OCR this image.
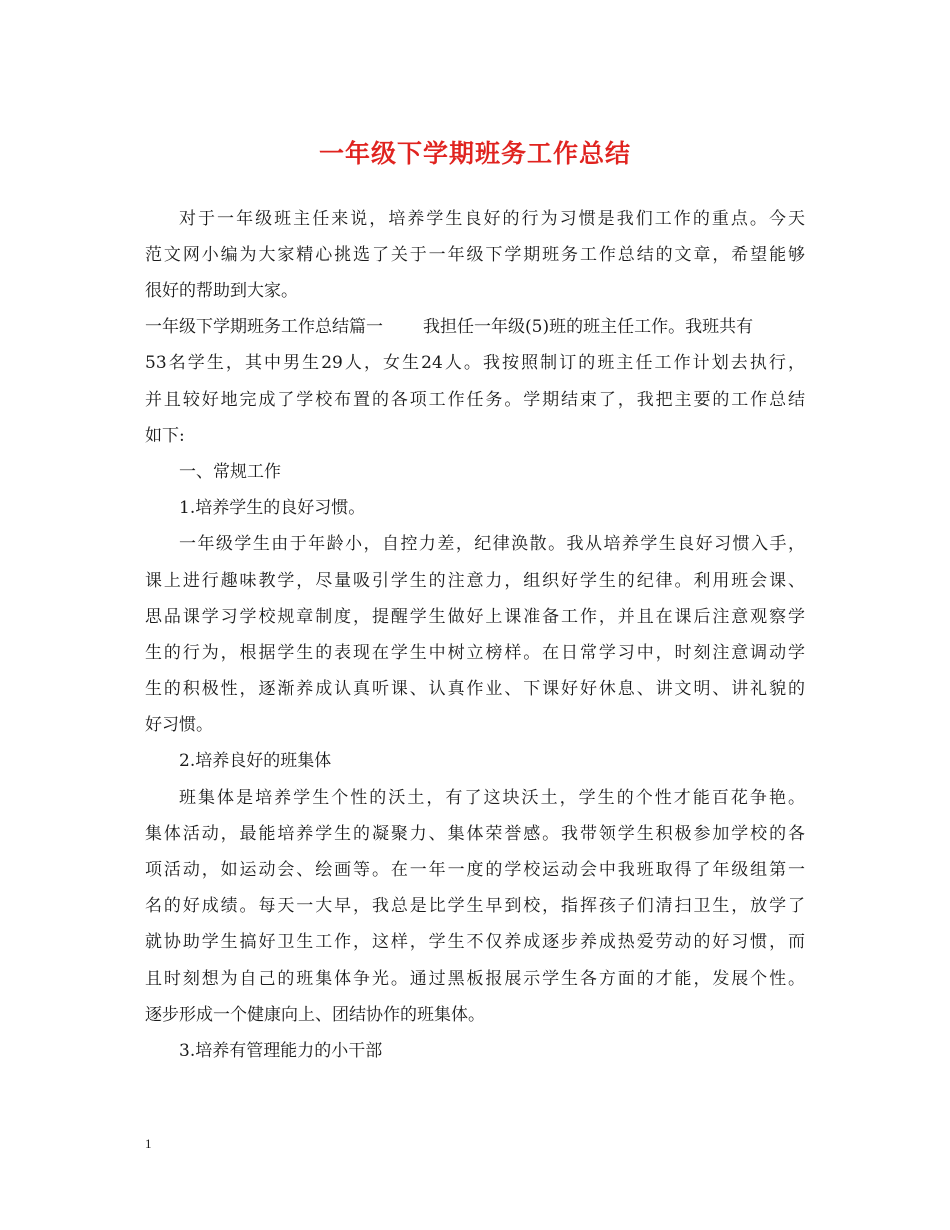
一年级下学期班务工作总结
对于一年级班主任来说，培养学生良好的行为习惯是我们工作的重点。今天
范文网小编为大家精心挑选了关于一年级下学期班务工作总结的文章，希望能够
很好的帮助到大家。
一年级下学期班务工作总结篇一 我担任一年级(5)班的班主任工作。我班共有
53名学生，其中男生29人，女生24人。我按照制订的班主任工作计划去执行，
并且较好地完成了学校布置的各项工作任务。学期结束了，我把主要的工作总结
如下:
一、常规工作
1.培养学生的良好习惯。
一年级学生由于年龄小，自控力差，纪律涣散。我从培养学生良好习惯入手，
课上进行趣味教学，尽量吸引学生的注意力，组织好学生的纪律。利用班会课、
思品课学习学校规章制度，提醒学生做好上课准备工作，并且在课后注意观察学
生的行为，根据学生的表现在学生中树立榜样。在日常学习中，时刻注意调动学
生的积极性，逐渐养成认真听课、认真作业、下课好好休息、讲文明、讲礼貌的
好习惯。
2.培养良好的班集体
班集体是培养学生个性的沃土，有了这块沃土，学生的个性才能百花争艳。
集体活动，最能培养学生的凝聚力、集体荣誉感。我带领学生积极参加学校的各
项活动，如运动会、绘画等。在一年一度的学校运动会中我班取得了年级组第一
名的好成绩。每天一大早，我总是比学生早到校，指挥孩子们清扫卫生，放学了
就协助学生搞好卫生工作，这样，学生不仅养成逐步养成热爱劳动的好习惯，而
且时刻想为自己的班集体争光。通过黑板报展示学生各方面的才能，发展个性。
逐步形成一个健康向上、团结协作的班集体。
3.培养有管理能力的小干部
1
